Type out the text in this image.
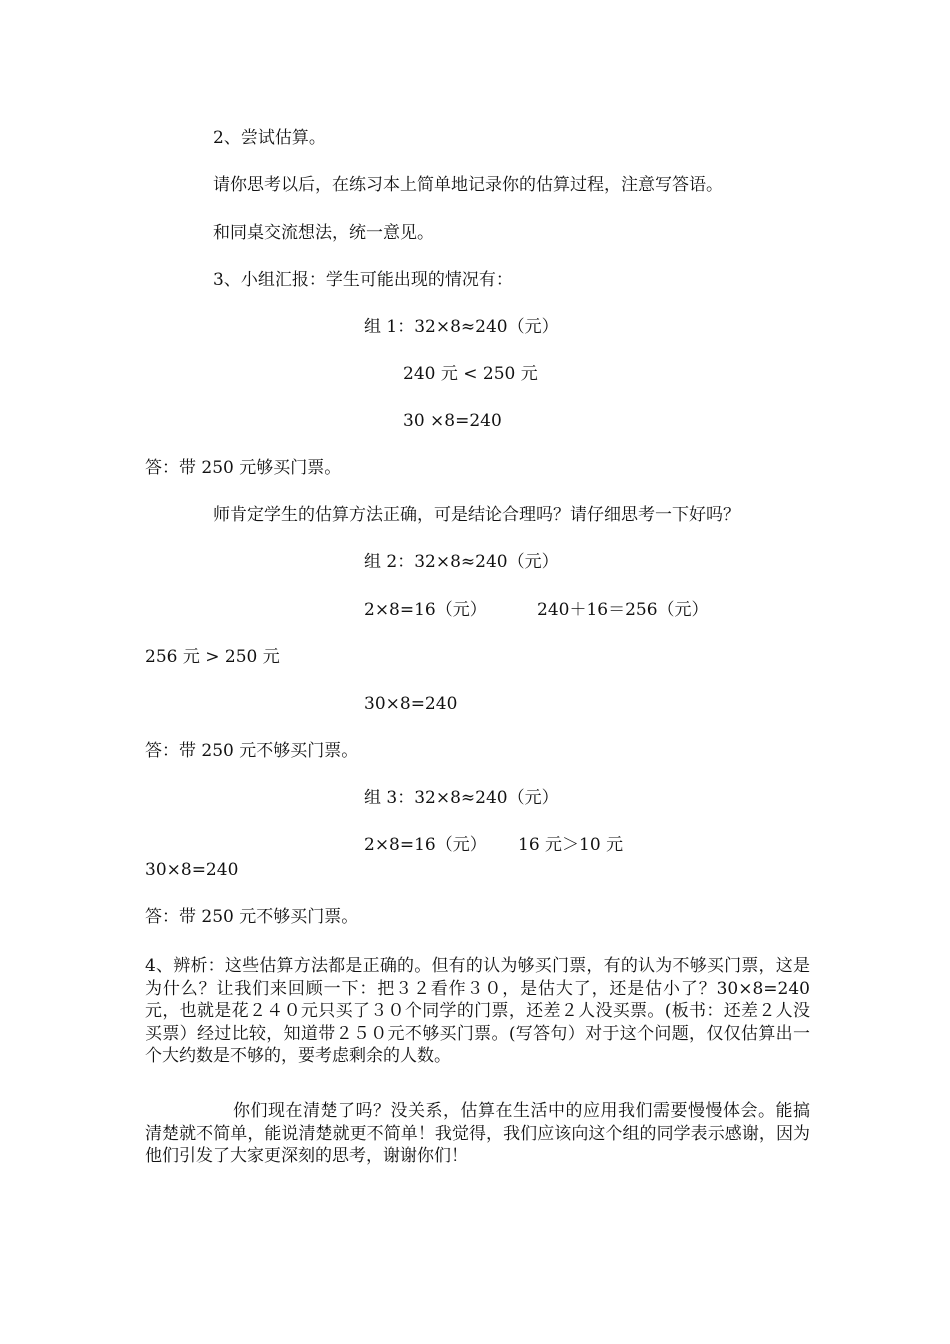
2、尝试估算。

请你思考以后，在练习本上简单地记录你的估算过程，注意写答语。

和同桌交流想法，统一意见。

3、小组汇报：学生可能出现的情况有：

组 1：32×8≈240（元）

240 元 < 250 元

30 ×8=240

答：带 250 元够买门票。

师肯定学生的估算方法正确，可是结论合理吗？请仔细思考一下好吗？

组 2：32×8≈240（元）

2×8=16（元）	240＋16＝256（元）

256 元 > 250 元

30×8=240

答：带 250 元不够买门票。

组 3：32×8≈240（元）

2×8=16（元） 16 元＞10 元

30×8=240

答：带 250 元不够买门票。

4、辨析：这些估算方法都是正确的。但有的认为够买门票，有的认为不够买门票，这是为什么？让我们来回顾一下：把３２看作３０，是估大了，还是估小了？30×8=240 元，也就是花２４０元只买了３０个同学的门票，还差２人没买票。(板书：还差２人没买票）经过比较，知道带２５０元不够买门票。(写答句）对于这个问题，仅仅估算出一个大约数是不够的，要考虑剩余的人数。

你们现在清楚了吗？没关系，估算在生活中的应用我们需要慢慢体会。能搞清楚就不简单，能说清楚就更不简单！我觉得，我们应该向这个组的同学表示感谢，因为他们引发了大家更深刻的思考，谢谢你们！
